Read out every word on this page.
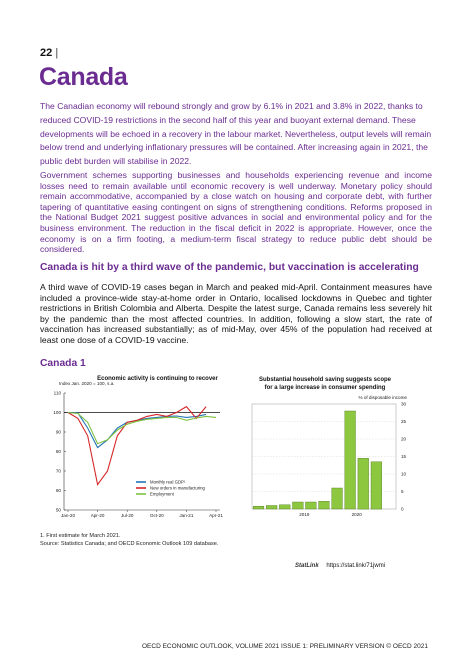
22 |
Canada
The Canadian economy will rebound strongly and grow by 6.1% in 2021 and 3.8% in 2022, thanks to reduced COVID-19 restrictions in the second half of this year and buoyant external demand. These developments will be echoed in a recovery in the labour market. Nevertheless, output levels will remain below trend and underlying inflationary pressures will be contained. After increasing again in 2021, the public debt burden will stabilise in 2022.
Government schemes supporting businesses and households experiencing revenue and income losses need to remain available until economic recovery is well underway. Monetary policy should remain accommodative, accompanied by a close watch on housing and corporate debt, with further tapering of quantitative easing contingent on signs of strengthening conditions. Reforms proposed in the National Budget 2021 suggest positive advances in social and environmental policy and for the business environment. The reduction in the fiscal deficit in 2022 is appropriate. However, once the economy is on a firm footing, a medium-term fiscal strategy to reduce public debt should be considered.
Canada is hit by a third wave of the pandemic, but vaccination is accelerating
A third wave of COVID-19 cases began in March and peaked mid-April. Containment measures have included a province-wide stay-at-home order in Ontario, localised lockdowns in Quebec and tighter restrictions in British Colombia and Alberta. Despite the latest surge, Canada remains less severely hit by the pandemic than the most affected countries. In addition, following a slow start, the rate of vaccination has increased substantially; as of mid-May, over 45% of the population had received at least one dose of a COVID-19 vaccine.
Canada 1
Economic activity is continuing to recover	Substantial household saving suggests scope
for a large increase in consumer spending
Index Jan. 2020 = 100, s.a.
110
100
90
80
70
60
50
Jan-20	Apr-20	Jul-20	Oct-20	Jan-21	Apr-21
Monthly real GDP¹
New orders in manufacturing
Employment
% of disposable income
30
25
20
15
10
5
0
2019	2020
1. First estimate for March 2021.
Source: Statistics Canada; and OECD Economic Outlook 109 database.
StatLink https://stat.link/71jwmi
OECD ECONOMIC OUTLOOK, VOLUME 2021 ISSUE 1: PRELIMINARY VERSION © OECD 2021
